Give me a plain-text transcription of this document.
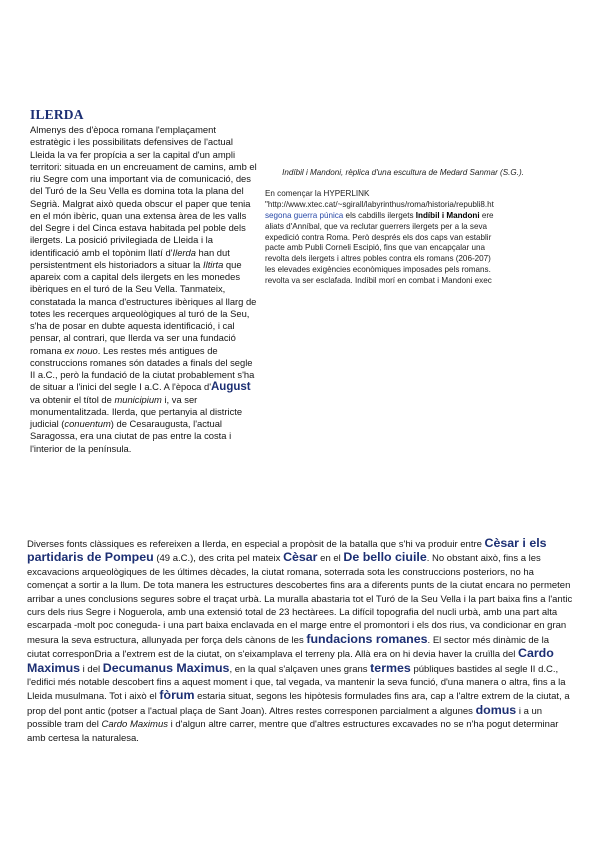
ILERDA
Almenys des d'època romana l'emplaçament estratègic i les possibilitats defensives de l'actual Lleida la va fer propícia a ser la capital d'un ampli territori: situada en un encreuament de camins, amb el riu Segre com una important via de comunicació, des del Turó de la Seu Vella es domina tota la plana del Segrià. Malgrat això queda obscur el paper que tenia en el món ibèric, quan una extensa àrea de les valls del Segre i del Cinca estava habitada pel poble dels ilergets. La posició privilegiada de Lleida i la identificació amb el topònim llatí d'Ilerda han dut persistentment els historiadors a situar la Iltirta que apareix com a capital dels ilergets en les monedes ibèriques en el turó de la Seu Vella. Tanmateix, constatada la manca d'estructures ibèriques al llarg de totes les recerques arqueològiques al turó de la Seu, s'ha de posar en dubte aquesta identificació, i cal pensar, al contrari, que Ilerda va ser una fundació romana ex nouo. Les restes més antigues de construccions romanes són datades a finals del segle II a.C., però la fundació de la ciutat probablement s'ha de situar a l'inici del segle I a.C. A l'època d'August va obtenir el títol de municipium i, va ser monumentalitzada. Ilerda, que pertanyia al districte judicial (conuentum) de Cesaraugusta, l'actual Saragossa, era una ciutat de pas entre la costa i l'interior de la península.
Indíbil i Mandoni, rèplica d'una escultura de Medard Sanmar (S.G.).
En començar la HYPERLINK
"http://www.xtec.cat/~sgirall/labyrinthus/roma/historia/republi8.ht
segona guerra púnica els cabdills ilergets Indíbil i Mandoni ere
aliats d'Anníbal, que va reclutar guerrers ilergets per a la seva
expedició contra Roma. Però després els dos caps van establir
pacte amb Publi Corneli Escipió, fins que van encapçalar una
revolta dels ilergets i altres pobles contra els romans (206-207)
les elevades exigències econòmiques imposades pels romans.
revolta va ser esclafada. Indíbil morí en combat i Mandoni exec
Diverses fonts clàssiques es refereixen a Ilerda, en especial a propòsit de la batalla que s'hi va produir entre Cèsar i els partidaris de Pompeu (49 a.C.), des crita pel mateix Cèsar en el De bello ciuile. No obstant això, fins a les excavacions arqueològiques de les últimes dècades, la ciutat romana, soterrada sota les construccions posteriors, no ha començat a sortir a la llum. De tota manera les estructures descobertes fins ara a diferents punts de la ciutat encara no permeten arribar a unes conclusions segures sobre el traçat urbà. La muralla abastaria tot el Turó de la Seu Vella i la part baixa fins a l'antic curs dels rius Segre i Noguerola, amb una extensió total de 23 hectàrees. La difícil topografia del nucli urbà, amb una part alta escarpada -molt poc coneguda- i una part baixa enclavada en el marge entre el promontori i els dos rius, va condicionar en gran mesura la seva estructura, allunyada per força dels cànons de les fundacions romanes. El sector més dinàmic de la ciutat corresponDria a l'extrem est de la ciutat, on s'eixamplava el terreny pla. Allà era on hi devia haver la cruïlla del Cardo Maximus i del Decumanus Maximus, en la qual s'alçaven unes grans termes públiques bastides al segle II d.C., l'edifici més notable descobert fins a aquest moment i que, tal vegada, va mantenir la seva funció, d'una manera o altra, fins a la Lleida musulmana. Tot i això el fòrum estaria situat, segons les hipòtesis formulades fins ara, cap a l'altre extrem de la ciutat, a prop del pont antic (potser a l'actual plaça de Sant Joan). Altres restes corresponen parcialment a algunes domus i a un possible tram del Cardo Maximus i d'algun altre carrer, mentre que d'altres estructures excavades no se n'ha pogut determinar amb certesa la naturalesa.
